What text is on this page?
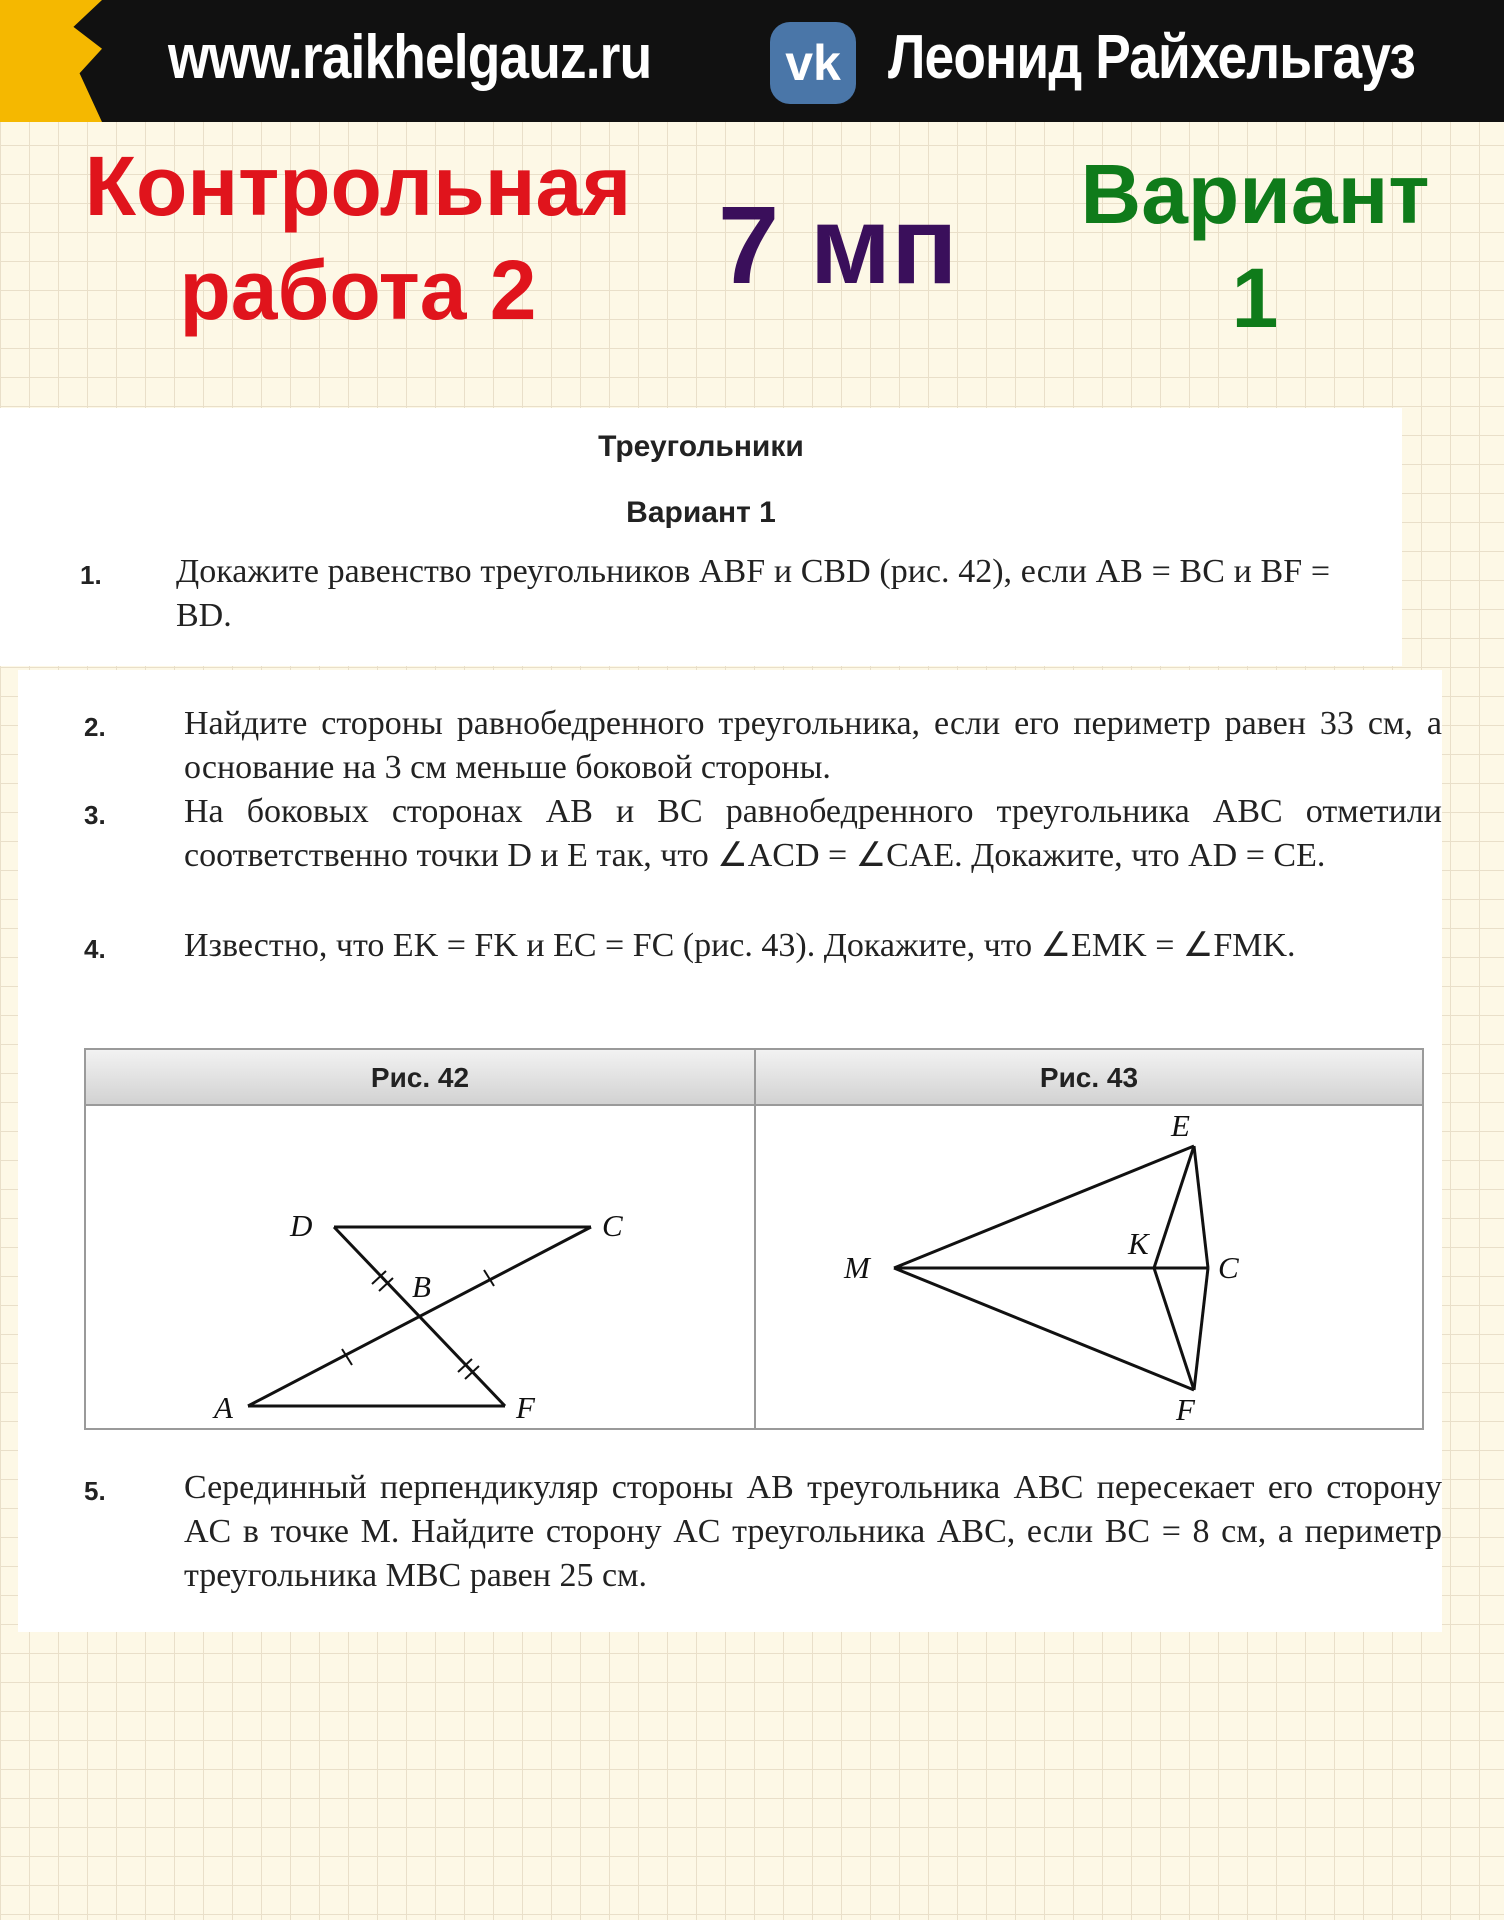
www.raikhelgauz.ru	vk Леонид Райхельгауз
Контрольная
работа 2	7 мп	Вариант
1
Треугольники
Вариант 1
1. Докажите равенство треугольников ABF и CBD (рис. 42), если AB = BC и BF = BD.
2. Найдите стороны равнобедренного треугольника, если его периметр равен 33 см, а основание на 3 см меньше боковой стороны.
3. На боковых сторонах AB и BC равнобедренного треугольника ABC отметили соответственно точки D и E так, что ∠ACD = ∠CAE. Докажите, что AD = CE.
4. Известно, что EK = FK и EC = FC (рис. 43). Докажите, что ∠EMK = ∠FMK.
5. Серединный перпендикуляр стороны AB треугольника ABC пересекает его сторону AC в точке M. Найдите сторону AC треугольника ABC, если BC = 8 см, а периметр треугольника MBC равен 25 см.
Рис. 42	Рис. 43
D	C
B
A	F
E
M
K
C
F
